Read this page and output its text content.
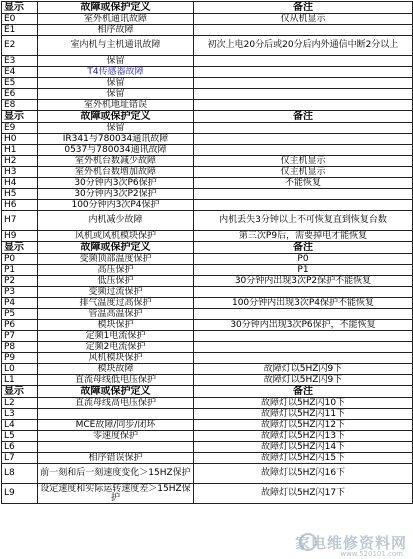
显示	故障或保护定义	备注
E0	室外机通讯故障	仅从机显示
E1	相序故障	
E2	室内机与主机通讯故障	初次上电20分后或20分后内外通信中断2分以上
E3	保留	
E4	T4传感器故障	
E5	保留	
E6	保留	
E8	室外机地址错误	
显示	故障或保护定义	备注
E9	保留	
H0	IR341与780034通讯故障	
H1	0537与780034通讯故障	
H2	室外机台数减少故障	仅主机显示
H3	室外机台数增加故障	仅主机显示
H4	30分钟内3次P6保护	不能恢复
H5	30分钟内3次P2保护	
H6	100分钟内3次P4保护	
H7	内机减少故障	内机丢失3分钟以上不可恢复直到恢复台数
H9	风机或风机模块保护	第三次P9后，需要掉电才能恢复
显示	故障或保护定义	备注
P0	变频顶部温度保护	P0
P1	高压保护	P1
P2	低压保护	30分钟内出现3次P2保护不能恢复
P3	变频过流保护	
P4	排气温度过高保护	100分钟内出现3次P4保护不能恢复
P5	管温高温保护	
P6	模块保护	30分钟内出现3次P6保护，不能恢复
P7	定频1电流保护	
P8	定频2电流保护	
P9	风机模块保护	
L0	模块故障	故障灯以5HZ闪9下
L1	直流母线低电压保护	故障灯以5HZ闪9下
显示	故障或保护定义	备注
L2	直流母线高电压保护	故障灯以5HZ闪10下
L3		故障灯以5HZ闪11下
L4	MCE故障/同步/闭环	故障灯以5HZ闪12下
L5	零速度保护	故障灯以5HZ闪13下
L6		故障灯以5HZ闪14下
L7	相序错误保护	故障灯以5HZ闪15下
L8	前一刻和后一刻速度变化＞15HZ保护	故障灯以5HZ闪16下
L9	设定速度和实际运转速度差＞15HZ保护	故障灯以5HZ闪17下
家电维修资料网
www.520101.com
